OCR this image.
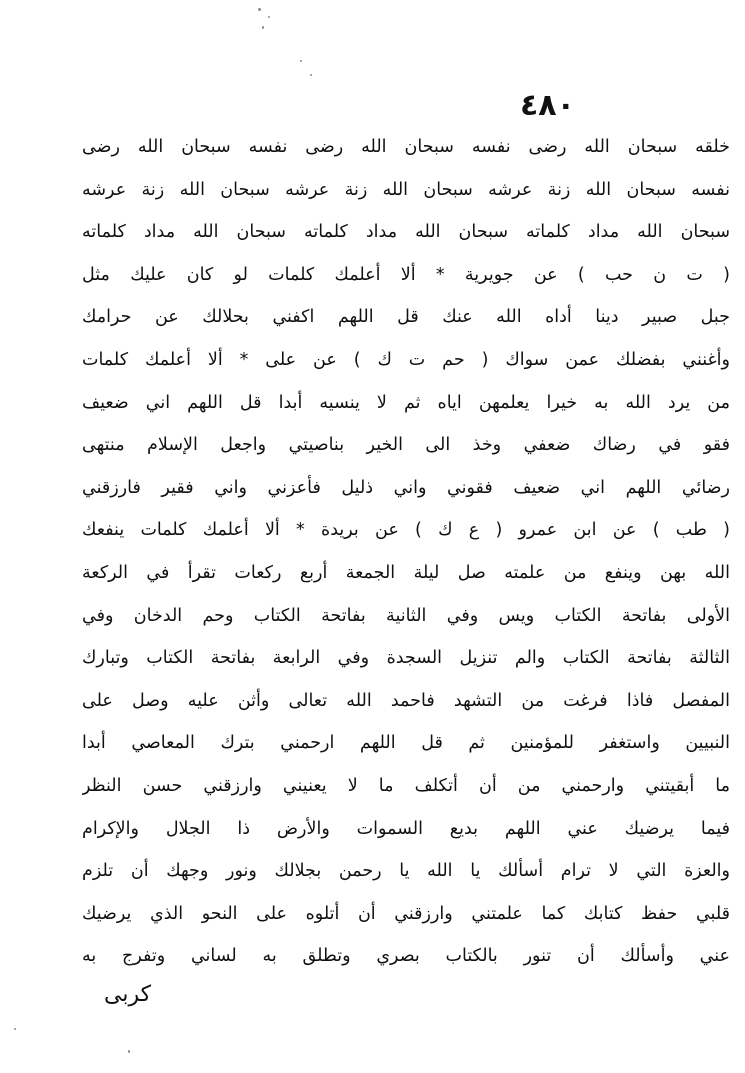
٤٨٠
خلقه سبحان الله رضى نفسه سبحان الله رضى نفسه سبحان الله رضى
نفسه سبحان الله زنة عرشه سبحان الله زنة عرشه سبحان الله زنة عرشه
سبحان الله مداد كلماته سبحان الله مداد كلماته سبحان الله مداد كلماته
( ت ن حب ) عن جويرية * ألا أعلمك كلمات لو كان عليك مثل
جبل صبير دينا أداه الله عنك قل اللهم اكفني بحلالك عن حرامك
وأغنني بفضلك عمن سواك ( حم ت ك ) عن على * ألا أعلمك كلمات
من يرد الله به خيرا يعلمهن اياه ثم لا ينسيه أبدا قل اللهم اني ضعيف
فقو في رضاك ضعفي وخذ الى الخير بناصيتي واجعل الإسلام منتهى
رضائي اللهم اني ضعيف فقوني واني ذليل فأعزني واني فقير فارزقني
( طب ) عن ابن عمرو ( ع ك ) عن بريدة * ألا أعلمك كلمات ينفعك
الله بهن وينفع من علمته صل ليلة الجمعة أربع ركعات تقرأ في الركعة
الأولى بفاتحة الكتاب ويس وفي الثانية بفاتحة الكتاب وحم الدخان وفي
الثالثة بفاتحة الكتاب والم تنزيل السجدة وفي الرابعة بفاتحة الكتاب وتبارك
المفصل فاذا فرغت من التشهد فاحمد الله تعالى وأثن عليه وصل على
النبيين واستغفر للمؤمنين ثم قل اللهم ارحمني بترك المعاصي أبدا
ما أبقيتني وارحمني من أن أتكلف ما لا يعنيني وارزقني حسن النظر
فيما يرضيك عني اللهم بديع السموات والأرض ذا الجلال والإكرام
والعزة التي لا ترام أسألك يا الله يا رحمن بجلالك ونور وجهك أن تلزم
قلبي حفظ كتابك كما علمتني وارزقني أن أتلوه على النحو الذي يرضيك
عني وأسألك أن تنور بالكتاب بصري وتطلق به لساني وتفرج به
كربى
